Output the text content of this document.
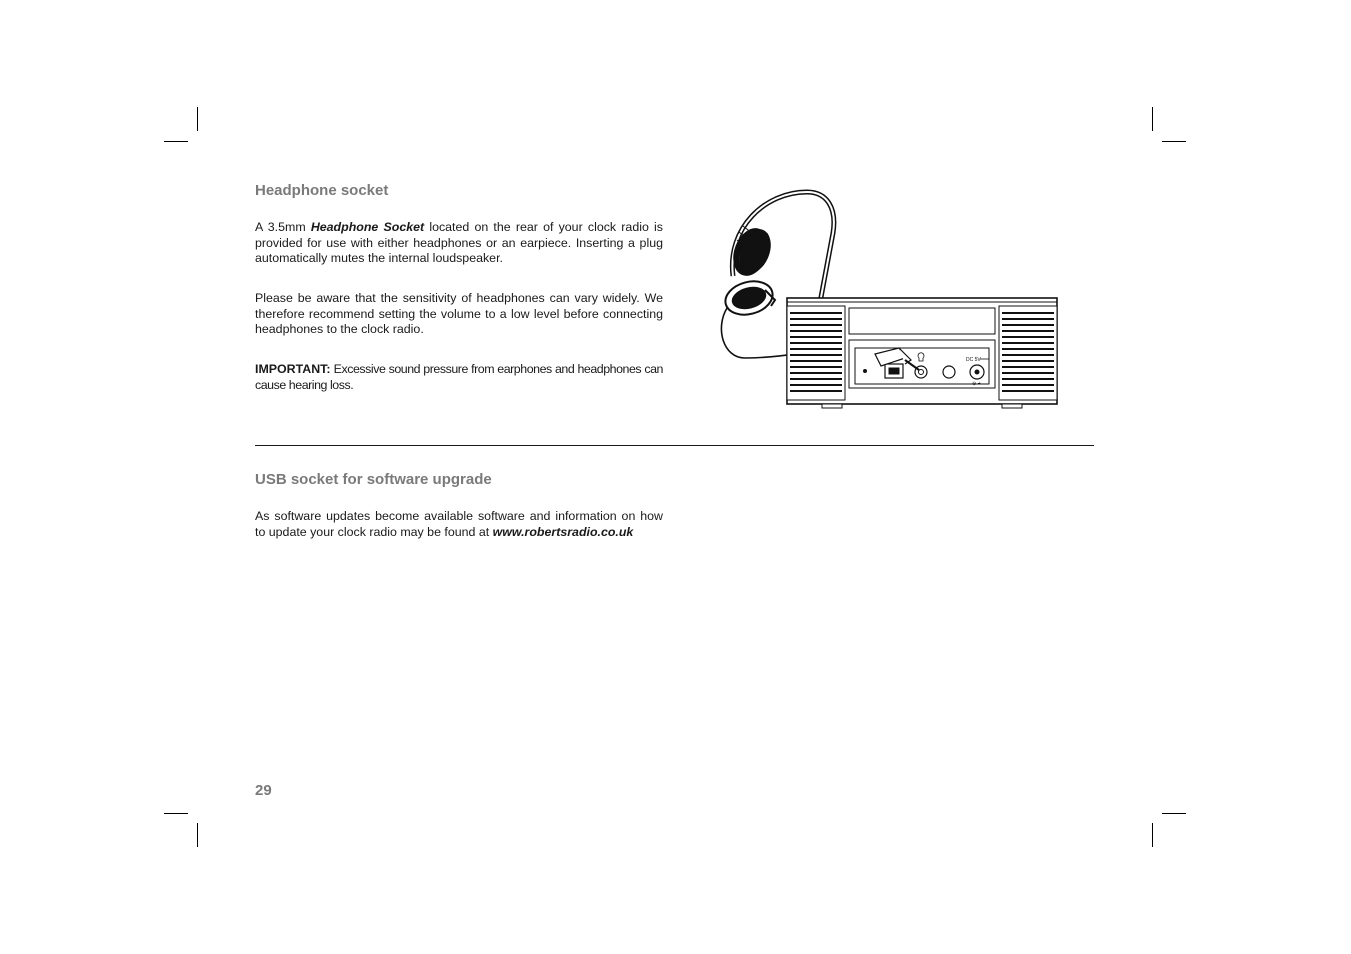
Headphone socket

A 3.5mm Headphone Socket located on the rear of your clock radio is provided for use with either headphones or an earpiece. Inserting a plug automatically mutes the internal loudspeaker.

Please be aware that the sensitivity of headphones can vary widely. We therefore recommend setting the volume to a low level before connecting headphones to the clock radio.

IMPORTANT: Excessive sound pressure from earphones and headphones can cause hearing loss.

DC 5V
– ⊖ +
USB socket for software upgrade

As software updates become available software and information on how to update your clock radio may be found at www.robertsradio.co.uk

29
